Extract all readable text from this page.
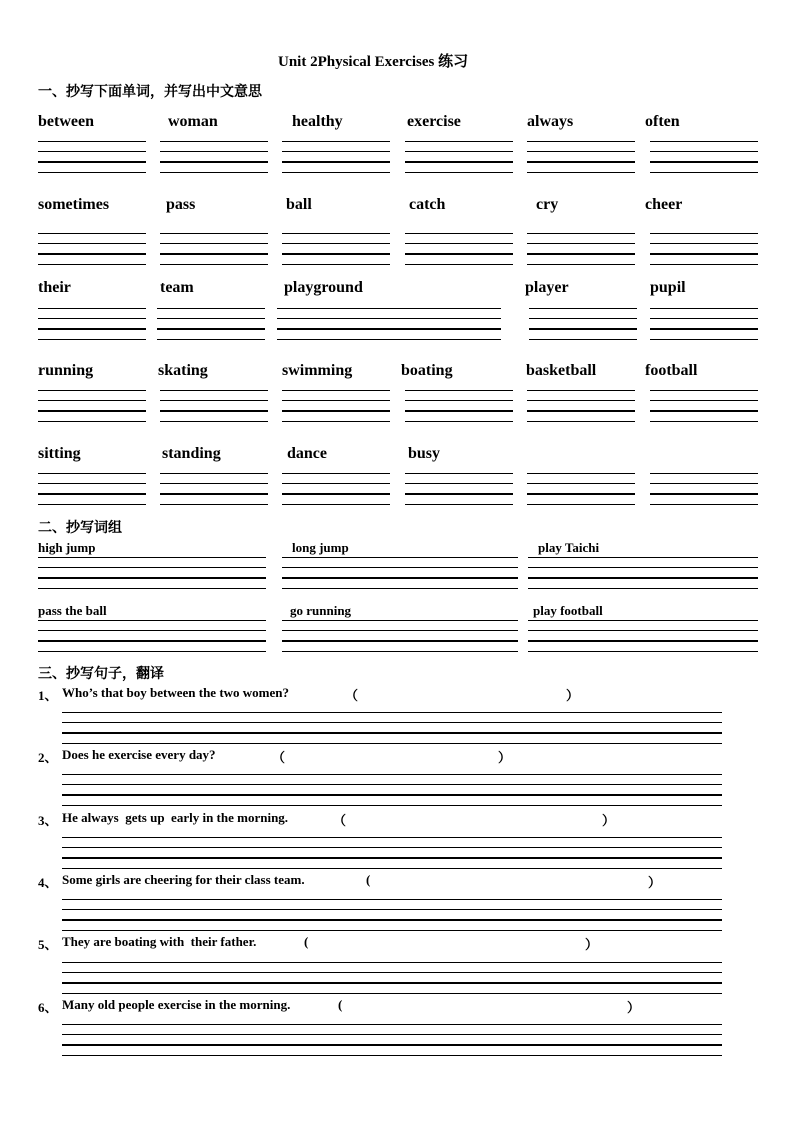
Unit 2Physical Exercises 练习
一、抄写下面单词，并写出中文意思
between	woman	healthy	exercise	always	often
sometimes	pass	ball	catch	cry	cheer
their	team	playground	player	pupil
running	skating	swimming	boating	basketball	football
sitting	standing	dance	busy
二、抄写词组
high jump	long jump	play Taichi
pass the ball	go running	play football
三、抄写句子，翻译
1、 Who’s that boy between the two women?	（	）
2、 Does he exercise every day?	（	）
3、 He always  gets up  early in the morning.	（	）
4、 Some girls are cheering for their class team.	(	）
5、 They are boating with  their father.	(	）
6、 Many old people exercise in the morning.	(	）
